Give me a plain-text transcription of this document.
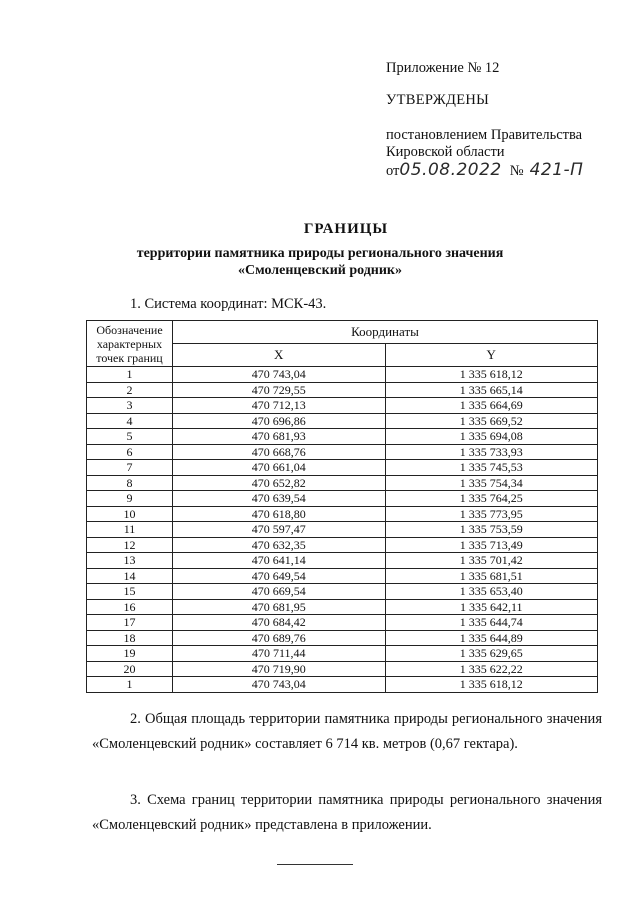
Приложение № 12
УТВЕРЖДЕНЫ
постановлением Правительства
Кировской области
от05.08.2022 № 421-П
ГРАНИЦЫ
территории памятника природы регионального значения
«Смоленцевский родник»
1. Система координат: МСК-43.
Обозначение характерных точек границ	Координаты	
	X	Y
1	470 743,04	1 335 618,12
2	470 729,55	1 335 665,14
3	470 712,13	1 335 664,69
4	470 696,86	1 335 669,52
5	470 681,93	1 335 694,08
6	470 668,76	1 335 733,93
7	470 661,04	1 335 745,53
8	470 652,82	1 335 754,34
9	470 639,54	1 335 764,25
10	470 618,80	1 335 773,95
11	470 597,47	1 335 753,59
12	470 632,35	1 335 713,49
13	470 641,14	1 335 701,42
14	470 649,54	1 335 681,51
15	470 669,54	1 335 653,40
16	470 681,95	1 335 642,11
17	470 684,42	1 335 644,74
18	470 689,76	1 335 644,89
19	470 711,44	1 335 629,65
20	470 719,90	1 335 622,22
1	470 743,04	1 335 618,12
2. Общая площадь территории памятника природы регионального значения «Смоленцевский родник» составляет 6 714 кв. метров (0,67 гектара).
3. Схема границ территории памятника природы регионального значения «Смоленцевский родник» представлена в приложении.
